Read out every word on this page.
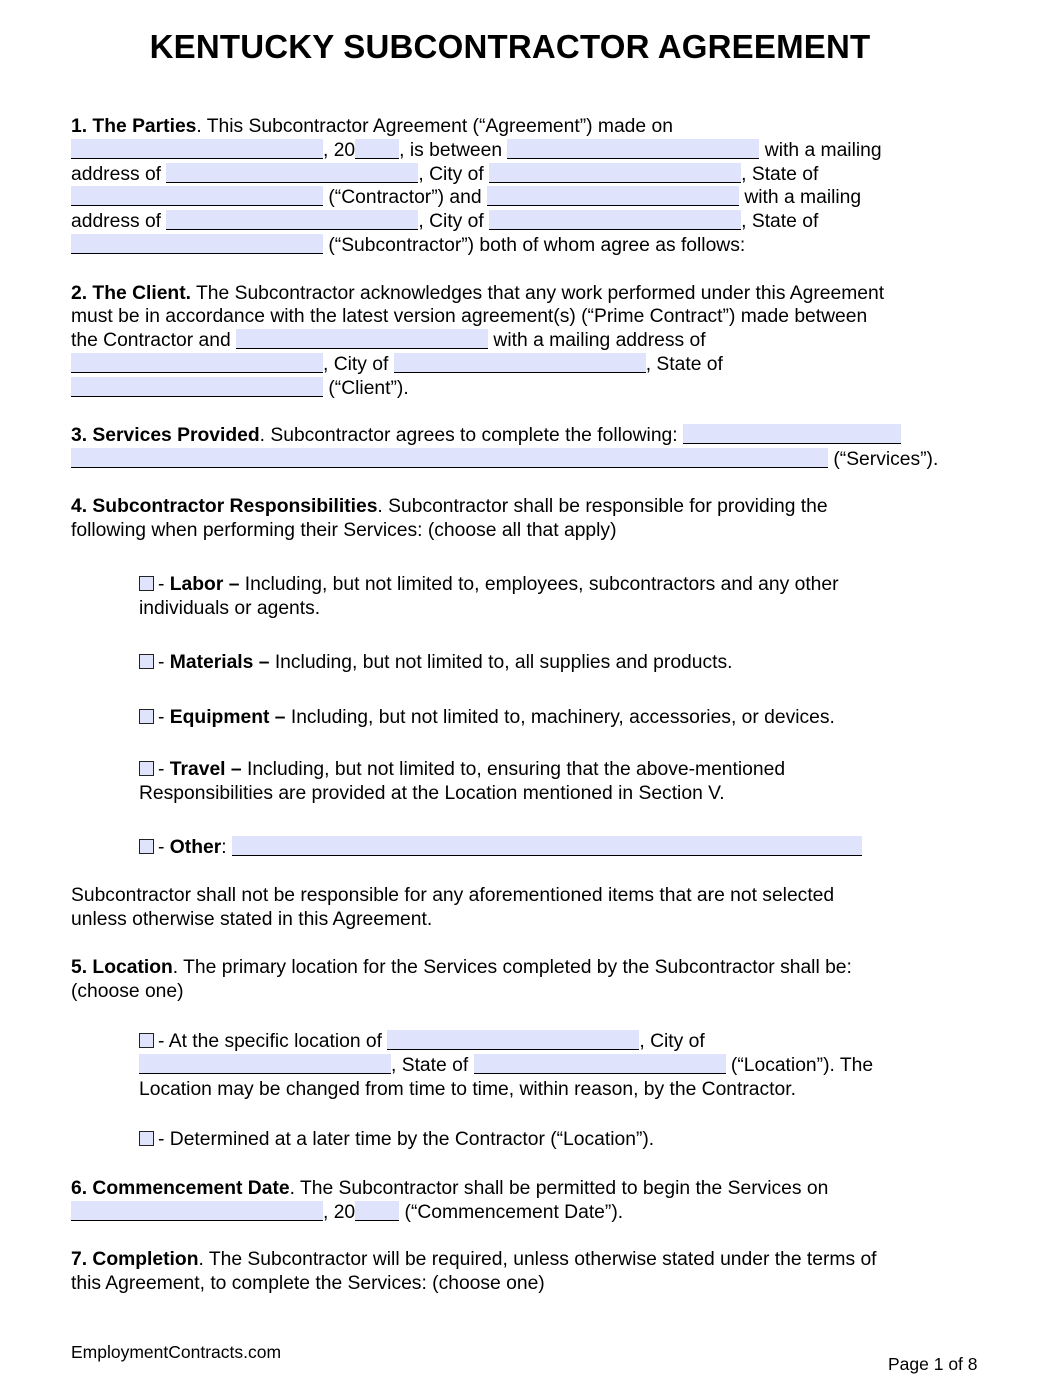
KENTUCKY SUBCONTRACTOR AGREEMENT
1. The Parties. This Subcontractor Agreement (“Agreement”) made on
, 20 , is between	with a mailing
address of	, City of	, State of
(“Contractor”) and	with a mailing
address of	, City of	, State of
(“Subcontractor”) both of whom agree as follows:
2. The Client. The Subcontractor acknowledges that any work performed under this Agreement
must be in accordance with the latest version agreement(s) (“Prime Contract”) made between
the Contractor and	with a mailing address of
, City of	, State of
(“Client”).
3. Services Provided. Subcontractor agrees to complete the following:
(“Services”).
4. Subcontractor Responsibilities. Subcontractor shall be responsible for providing the
following when performing their Services: (choose all that apply)
- Labor – Including, but not limited to, employees, subcontractors and any other
individuals or agents.
- Materials – Including, but not limited to, all supplies and products.
- Equipment – Including, but not limited to, machinery, accessories, or devices.
- Travel – Including, but not limited to, ensuring that the above-mentioned
Responsibilities are provided at the Location mentioned in Section V.
- Other:
Subcontractor shall not be responsible for any aforementioned items that are not selected
unless otherwise stated in this Agreement.
5. Location. The primary location for the Services completed by the Subcontractor shall be:
(choose one)
- At the specific location of	, City of
, State of	(“Location”). The
Location may be changed from time to time, within reason, by the Contractor.
- Determined at a later time by the Contractor (“Location”).
6. Commencement Date. The Subcontractor shall be permitted to begin the Services on
, 20	(“Commencement Date”).
7. Completion. The Subcontractor will be required, unless otherwise stated under the terms of
this Agreement, to complete the Services: (choose one)
EmploymentContracts.com
Page 1 of 8
